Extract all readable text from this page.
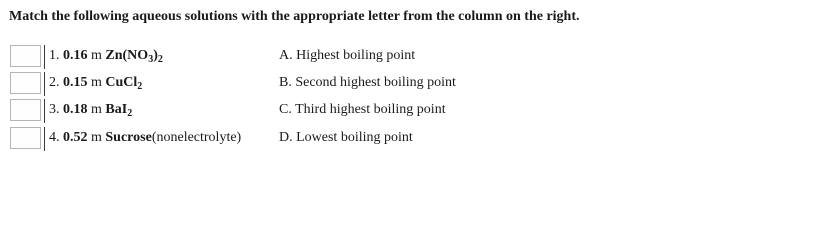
Match the following aqueous solutions with the appropriate letter from the column on the right.
1. 0.16 m $Zn(NO_3)_2$	A. Highest boiling point
2. 0.15 m CuCl$_2$	B. Second highest boiling point
3. 0.18 m BaI$_2$	C. Third highest boiling point
4. 0.52 m Sucrose(nonelectrolyte)	D. Lowest boiling point
